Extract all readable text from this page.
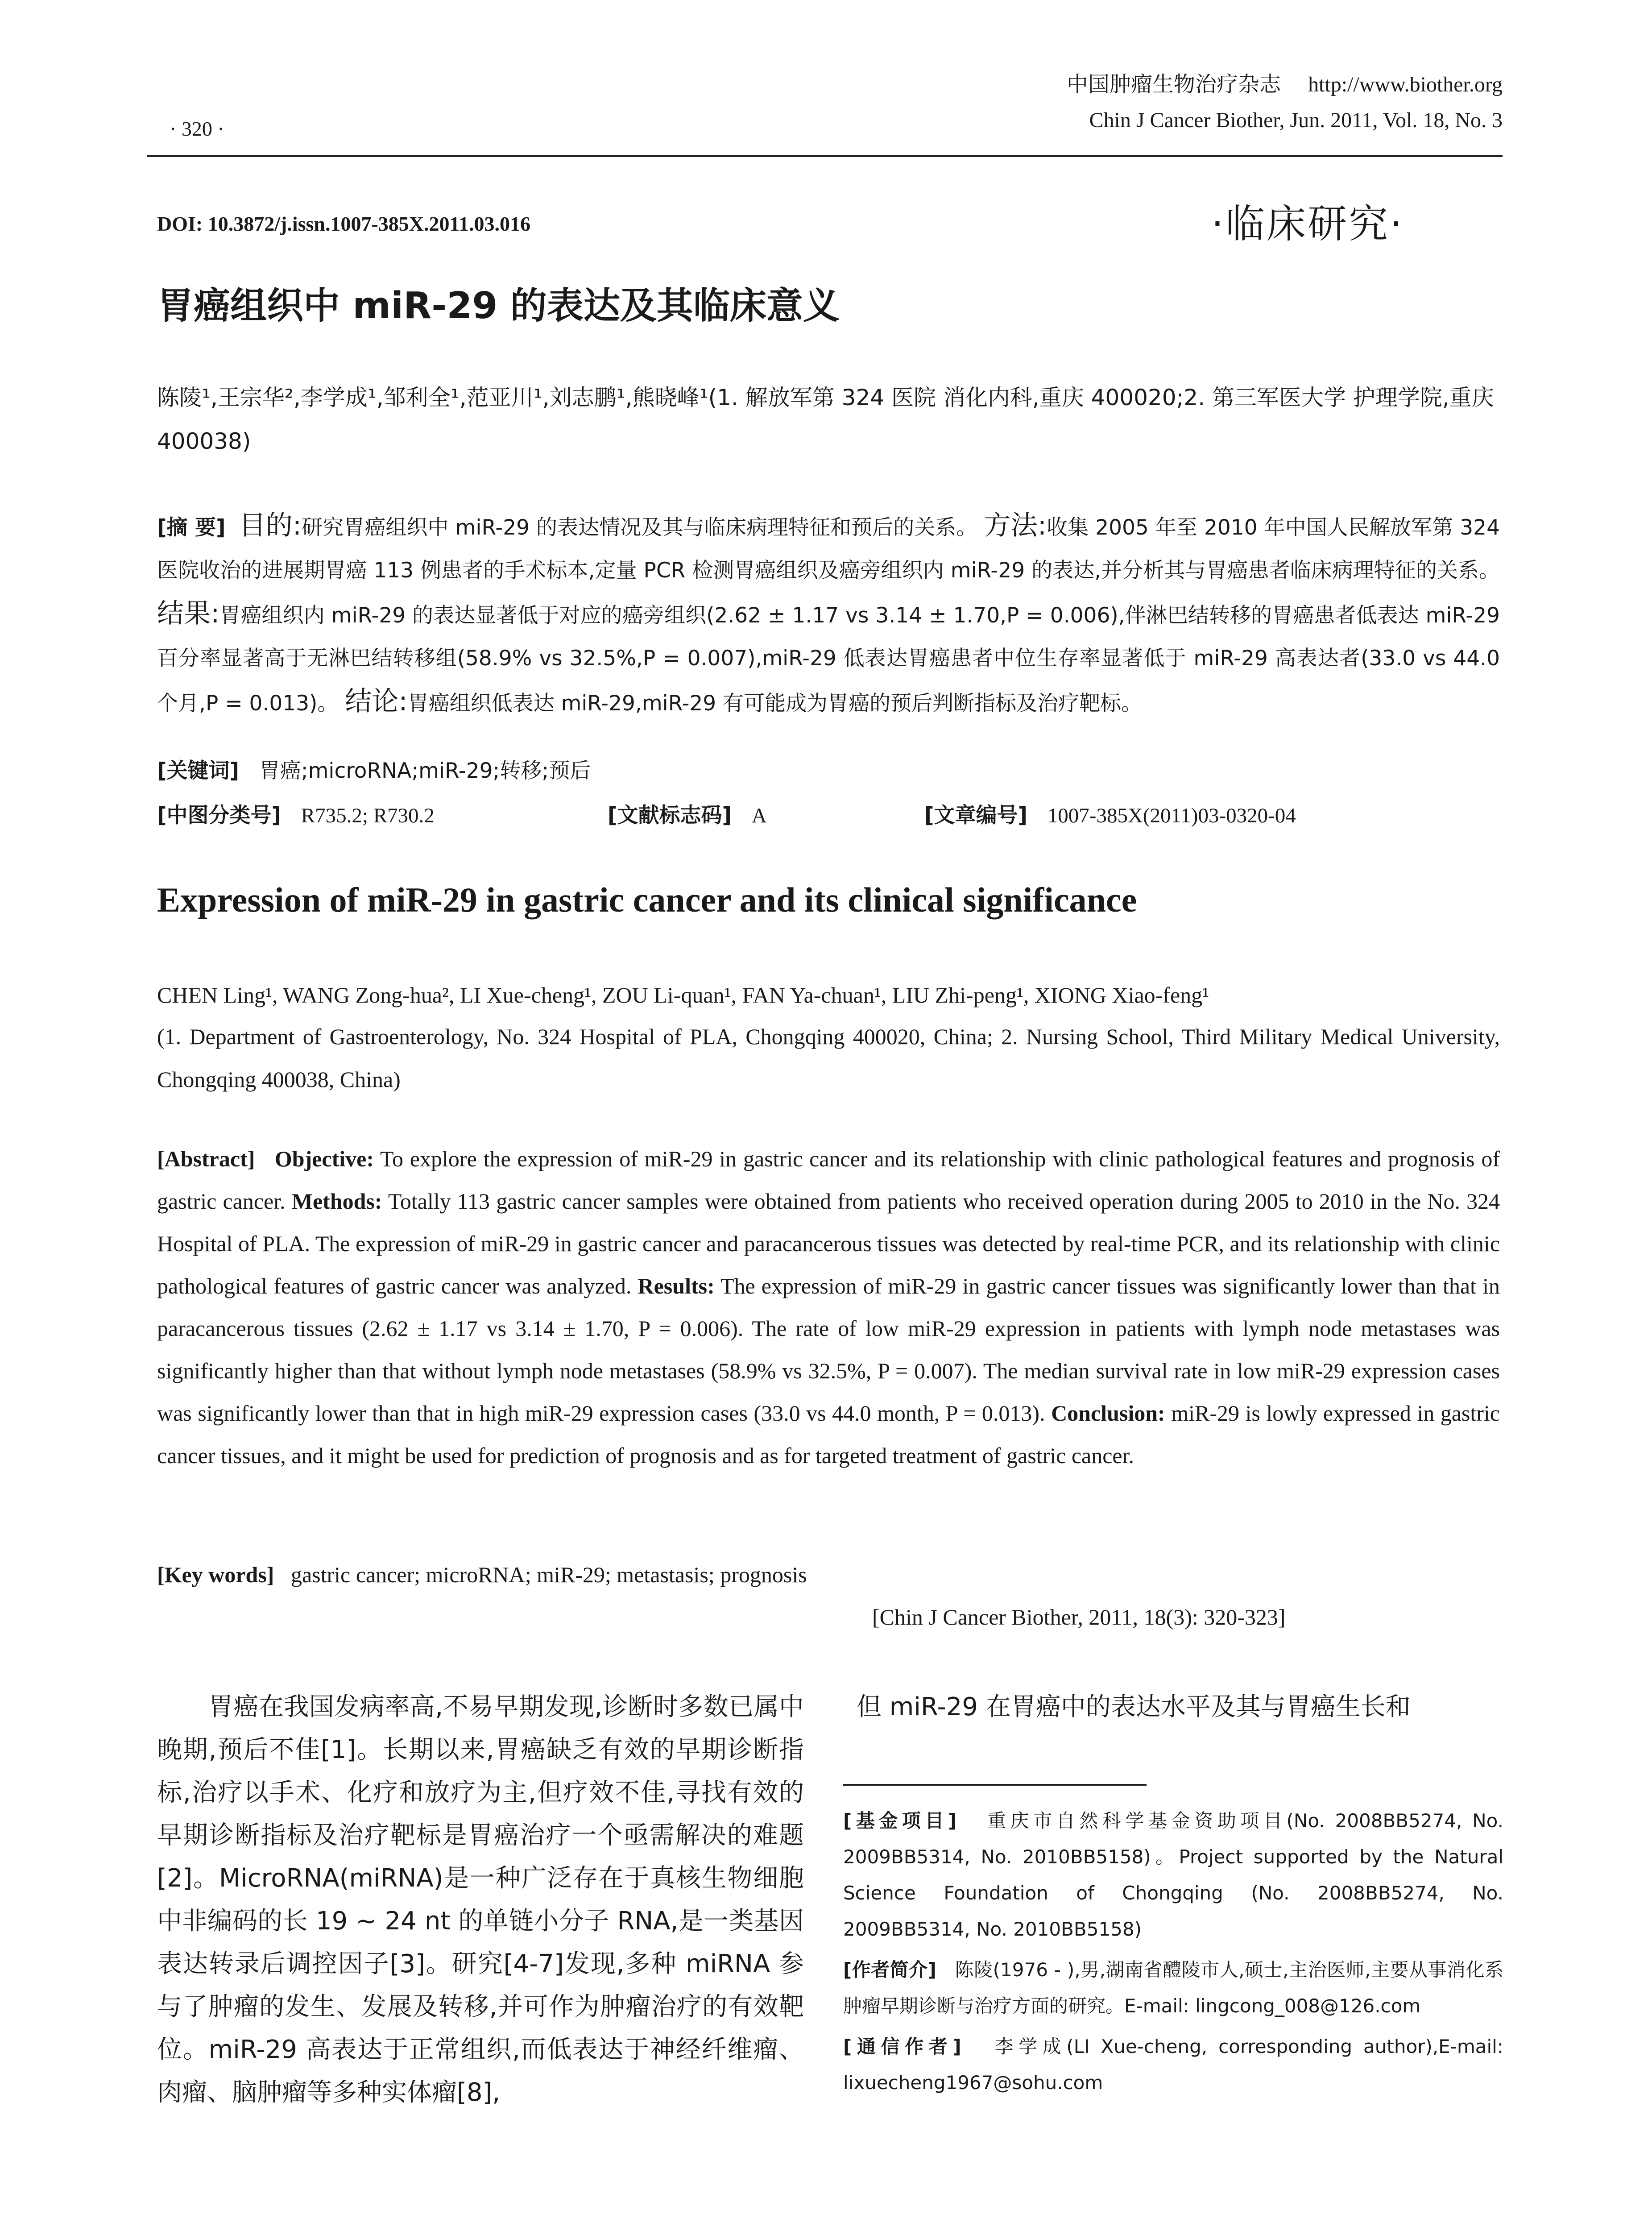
· 320 ·
中国肿瘤生物治疗杂志 http://www.biother.org
Chin J Cancer Biother, Jun. 2011, Vol. 18, No. 3
DOI: 10.3872/j.issn.1007-385X.2011.03.016	·临床研究·
胃癌组织中 miR-29 的表达及其临床意义
陈陵¹,王宗华²,李学成¹,邹利全¹,范亚川¹,刘志鹏¹,熊晓峰¹(1. 解放军第 324 医院 消化内科,重庆 400020;2. 第三军医大学 护理学院,重庆 400038)
[摘 要] 目的:研究胃癌组织中 miR-29 的表达情况及其与临床病理特征和预后的关系。 方法:收集 2005 年至 2010 年中国人民解放军第 324 医院收治的进展期胃癌 113 例患者的手术标本,定量 PCR 检测胃癌组织及癌旁组织内 miR-29 的表达,并分析其与胃癌患者临床病理特征的关系。 结果:胃癌组织内 miR-29 的表达显著低于对应的癌旁组织(2.62 ± 1.17 vs 3.14 ± 1.70,P = 0.006),伴淋巴结转移的胃癌患者低表达 miR-29 百分率显著高于无淋巴结转移组(58.9% vs 32.5%,P = 0.007),miR-29 低表达胃癌患者中位生存率显著低于 miR-29 高表达者(33.0 vs 44.0 个月,P = 0.013)。 结论:胃癌组织低表达 miR-29,miR-29 有可能成为胃癌的预后判断指标及治疗靶标。
[关键词] 胃癌;microRNA;miR-29;转移;预后
[中图分类号] R735.2; R730.2	[文献标志码] A	[文章编号] 1007-385X(2011)03-0320-04
Expression of miR-29 in gastric cancer and its clinical significance
CHEN Ling¹, WANG Zong-hua², LI Xue-cheng¹, ZOU Li-quan¹, FAN Ya-chuan¹, LIU Zhi-peng¹, XIONG Xiao-feng¹
(1. Department of Gastroenterology, No. 324 Hospital of PLA, Chongqing 400020, China; 2. Nursing School, Third Military Medical University, Chongqing 400038, China)
[Abstract] Objective: To explore the expression of miR-29 in gastric cancer and its relationship with clinic pathological features and prognosis of gastric cancer. Methods: Totally 113 gastric cancer samples were obtained from patients who received operation during 2005 to 2010 in the No. 324 Hospital of PLA. The expression of miR-29 in gastric cancer and paracancerous tissues was detected by real-time PCR, and its relationship with clinic pathological features of gastric cancer was analyzed. Results: The expression of miR-29 in gastric cancer tissues was significantly lower than that in paracancerous tissues (2.62 ± 1.17 vs 3.14 ± 1.70, P = 0.006). The rate of low miR-29 expression in patients with lymph node metastases was significantly higher than that without lymph node metastases (58.9% vs 32.5%, P = 0.007). The median survival rate in low miR-29 expression cases was significantly lower than that in high miR-29 expression cases (33.0 vs 44.0 month, P = 0.013). Conclusion: miR-29 is lowly expressed in gastric cancer tissues, and it might be used for prediction of prognosis and as for targeted treatment of gastric cancer.
[Key words] gastric cancer; microRNA; miR-29; metastasis; prognosis
[Chin J Cancer Biother, 2011, 18(3): 320-323]
胃癌在我国发病率高,不易早期发现,诊断时多数已属中晚期,预后不佳[1]。长期以来,胃癌缺乏有效的早期诊断指标,治疗以手术、化疗和放疗为主,但疗效不佳,寻找有效的早期诊断指标及治疗靶标是胃癌治疗一个亟需解决的难题[2]。MicroRNA(miRNA)是一种广泛存在于真核生物细胞中非编码的长 19 ~ 24 nt 的单链小分子 RNA,是一类基因表达转录后调控因子[3]。研究[4-7]发现,多种 miRNA 参与了肿瘤的发生、发展及转移,并可作为肿瘤治疗的有效靶位。miR-29 高表达于正常组织,而低表达于神经纤维瘤、肉瘤、脑肿瘤等多种实体瘤[8],
但 miR-29 在胃癌中的表达水平及其与胃癌生长和
[基金项目] 重庆市自然科学基金资助项目(No. 2008BB5274, No. 2009BB5314, No. 2010BB5158)。Project supported by the Natural Science Foundation of Chongqing (No. 2008BB5274, No. 2009BB5314, No. 2010BB5158)
[作者简介] 陈陵(1976 - ),男,湖南省醴陵市人,硕士,主治医师,主要从事消化系肿瘤早期诊断与治疗方面的研究。E-mail: lingcong_008@126.com
[通信作者] 李学成(LI Xue-cheng, corresponding author),E-mail: lixuecheng1967@sohu.com
